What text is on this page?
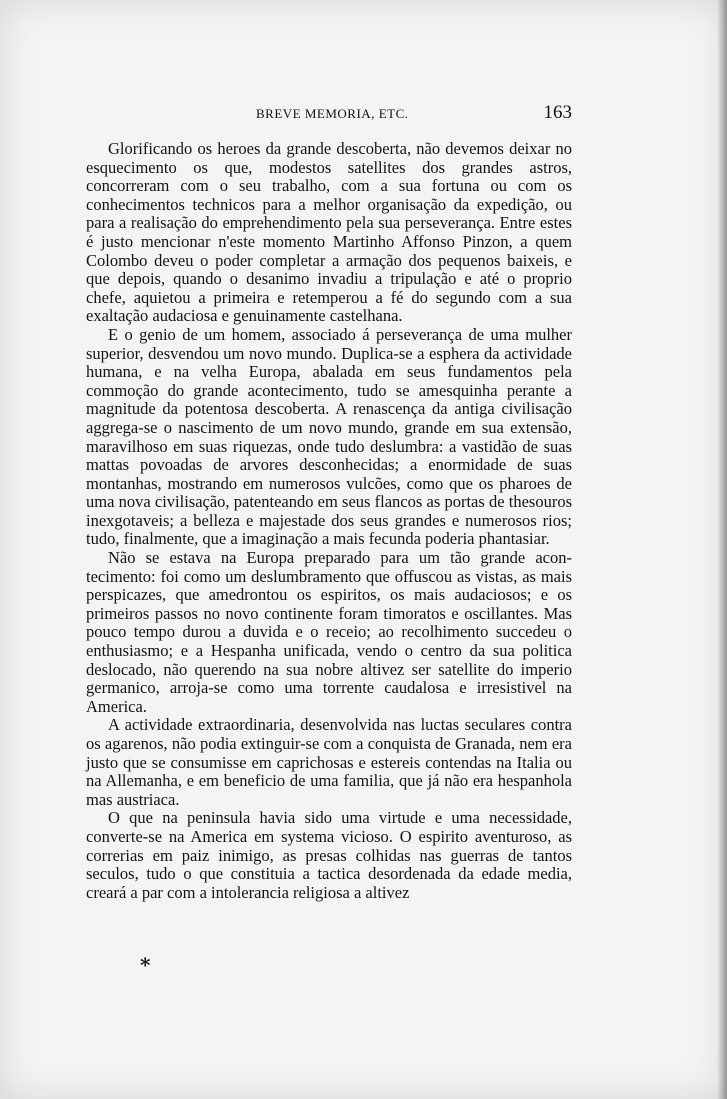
BREVE MEMORIA, ETC.	163

Glorificando os heroes da grande descoberta, não devemos deixar no esquecimento os que, modestos satellites dos grandes astros, concorreram com o seu trabalho, com a sua fortuna ou com os conhecimentos technicos para a melhor organisação da expedição, ou para a realisação do emprehendimento pela sua perseverança. Entre estes é justo mencionar n'este momento Martinho Affonso Pinzon, a quem Colombo deveu o poder completar a armação dos pequenos baixeis, e que depois, quando o desanimo invadiu a tripulação e até o proprio chefe, aquietou a primeira e retemperou a fé do segundo com a sua exaltação audaciosa e genuinamente castelhana.

E o genio de um homem, associado á perseverança de uma mulher superior, desvendou um novo mundo. Duplica-se a esphera da actividade humana, e na velha Europa, abalada em seus fundamentos pela commoção do grande acontecimento, tudo se amesquinha perante a magnitude da potentosa descoberta. A renascença da antiga civilisação aggrega-se o nascimento de um novo mundo, grande em sua extensão, maravilhoso em suas riquezas, onde tudo deslumbra: a vastidão de suas mattas povoadas de arvores desconhecidas; a enormidade de suas montanhas, mostrando em numerosos vulcões, como que os pharoes de uma nova civilisação, patenteando em seus flancos as portas de thesouros inexgotaveis; a belleza e majestade dos seus grandes e numerosos rios; tudo, finalmente, que a imaginação a mais fecunda poderia phantasiar.

Não se estava na Europa preparado para um tão grande acontecimento: foi como um deslumbramento que offuscou as vistas, as mais perspicazes, que amedrontou os espiritos, os mais audaciosos; e os primeiros passos no novo continente foram timoratos e oscillantes. Mas pouco tempo durou a duvida e o receio; ao recolhimento succedeu o enthusiasmo; e a Hespanha unificada, vendo o centro da sua politica deslocado, não querendo na sua nobre altivez ser satellite do imperio germanico, arroja-se como uma torrente caudalosa e irresistivel na America.

A actividade extraordinaria, desenvolvida nas luctas seculares contra os agarenos, não podia extinguir-se com a conquista de Granada, nem era justo que se consumisse em caprichosas e estereis contendas na Italia ou na Allemanha, e em beneficio de uma familia, que já não era hespanhola mas austriaca.

O que na peninsula havia sido uma virtude e uma necessidade, converte-se na America em systema vicioso. O espirito aventuroso, as correrias em paiz inimigo, as presas colhidas nas guerras de tantos seculos, tudo o que constituia a tactica desordenada da edade media, creará a par com a intolerancia religiosa a altivez

*
